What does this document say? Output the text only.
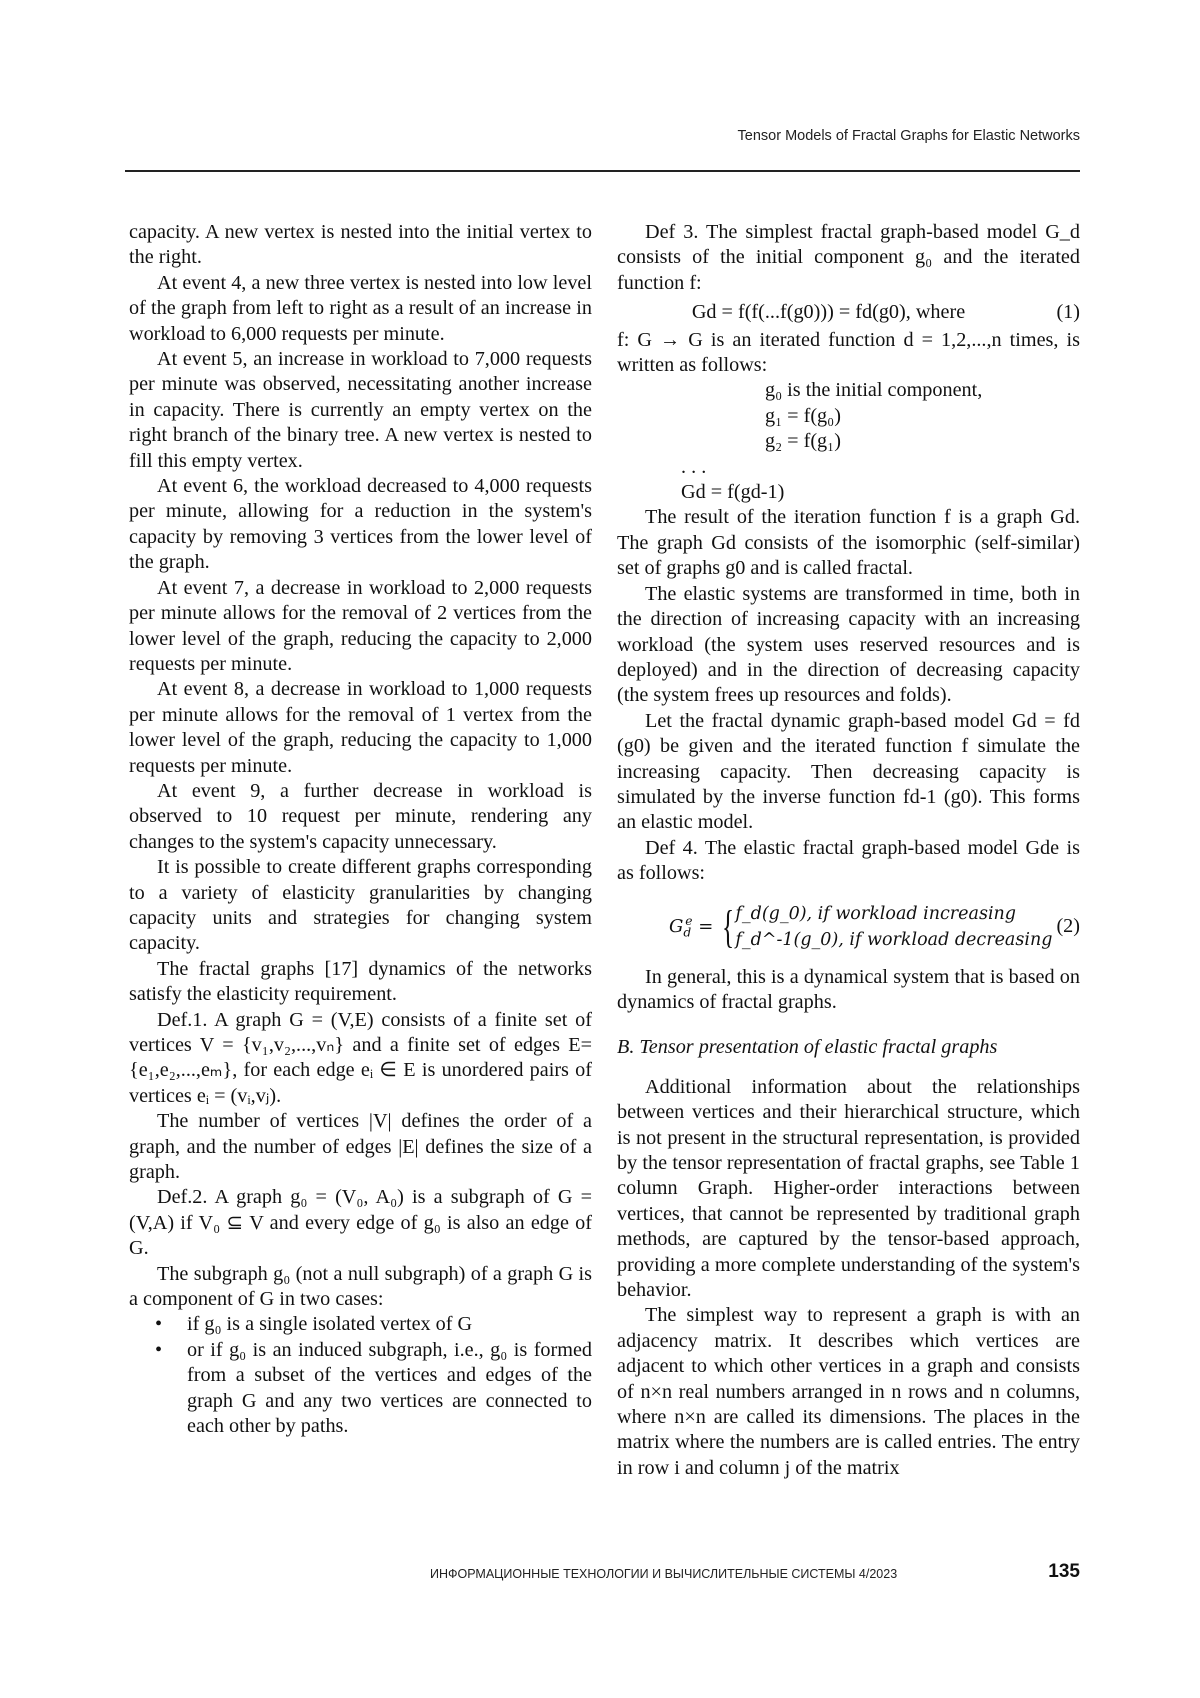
Tensor Models of Fractal Graphs for Elastic Networks

capacity. A new vertex is nested into the initial vertex to the right.

At event 4, a new three vertex is nested into low level of the graph from left to right as a result of an increase in workload to 6,000 requests per minute.

At event 5, an increase in workload to 7,000 requests per minute was observed, necessitating another increase in capacity. There is currently an empty vertex on the right branch of the binary tree. A new vertex is nested to fill this empty vertex.

At event 6, the workload decreased to 4,000 requests per minute, allowing for a reduction in the system's capacity by removing 3 vertices from the lower level of the graph.

At event 7, a decrease in workload to 2,000 requests per minute allows for the removal of 2 vertices from the lower level of the graph, reducing the capacity to 2,000 requests per minute.

At event 8, a decrease in workload to 1,000 requests per minute allows for the removal of 1 vertex from the lower level of the graph, reducing the capacity to 1,000 requests per minute.

At event 9, a further decrease in workload is observed to 10 request per minute, rendering any changes to the system's capacity unnecessary.

It is possible to create different graphs corresponding to a variety of elasticity granularities by changing capacity units and strategies for changing system capacity.

The fractal graphs [17] dynamics of the networks satisfy the elasticity requirement.

Def.1. A graph G = (V,E) consists of a finite set of vertices V = {v₁,v₂,...,vₙ} and a finite set of edges E={e₁,e₂,...,eₘ}, for each edge eᵢ ∈ E is unordered pairs of vertices eᵢ = (vᵢ,vⱼ).

The number of vertices |V| defines the order of a graph, and the number of edges |E| defines the size of a graph.

Def.2. A graph g₀ = (V₀, A₀) is a subgraph of G = (V,A) if V₀ ⊆ V and every edge of g₀ is also an edge of G.

The subgraph g₀ (not a null subgraph) of a graph G is a component of G in two cases:

• if g₀ is a single isolated vertex of G

• or if g₀ is an induced subgraph, i.e., g₀ is formed from a subset of the vertices and edges of the graph G and any two vertices are connected to each other by paths.

Def 3. The simplest fractal graph-based model G_d consists of the initial component g₀ and the iterated function f:

Gd = f(f(...f(g0))) = fd(g0), where	(1)

f: G → G is an iterated function d = 1,2,...,n times, is written as follows:

g₀ is the initial component,
g₁ = f(g₀)
g₂ = f(g₁)
. . .
Gd = f(gd-1)

The result of the iteration function f is a graph Gd. The graph Gd consists of the isomorphic (self-similar) set of graphs g0 and is called fractal.

The elastic systems are transformed in time, both in the direction of increasing capacity with an increasing workload (the system uses reserved resources and is deployed) and in the direction of decreasing capacity (the system frees up resources and folds).

Let the fractal dynamic graph-based model Gd = fd (g0) be given and the iterated function f simulate the increasing capacity. Then decreasing capacity is simulated by the inverse function fd-1 (g0). This forms an elastic model.

Def 4. The elastic fractal graph-based model Gde is as follows:

$G_d^e$ = { f_d(g_0), if workload increasing
f_d^-1(g_0), if workload decreasing
(2)

In general, this is a dynamical system that is based on dynamics of fractal graphs.

B. Tensor presentation of elastic fractal graphs

Additional information about the relationships between vertices and their hierarchical structure, which is not present in the structural representation, is provided by the tensor representation of fractal graphs, see Table 1 column Graph. Higher-order interactions between vertices, that cannot be represented by traditional graph methods, are captured by the tensor-based approach, providing a more complete understanding of the system's behavior.

The simplest way to represent a graph is with an adjacency matrix. It describes which vertices are adjacent to which other vertices in a graph and consists of n×n real numbers arranged in n rows and n columns, where n×n are called its dimensions. The places in the matrix where the numbers are is called entries. The entry in row i and column j of the matrix

ИНФОРМАЦИОННЫЕ ТЕХНОЛОГИИ И ВЫЧИСЛИТЕЛЬНЫЕ СИСТЕМЫ 4/2023	135
